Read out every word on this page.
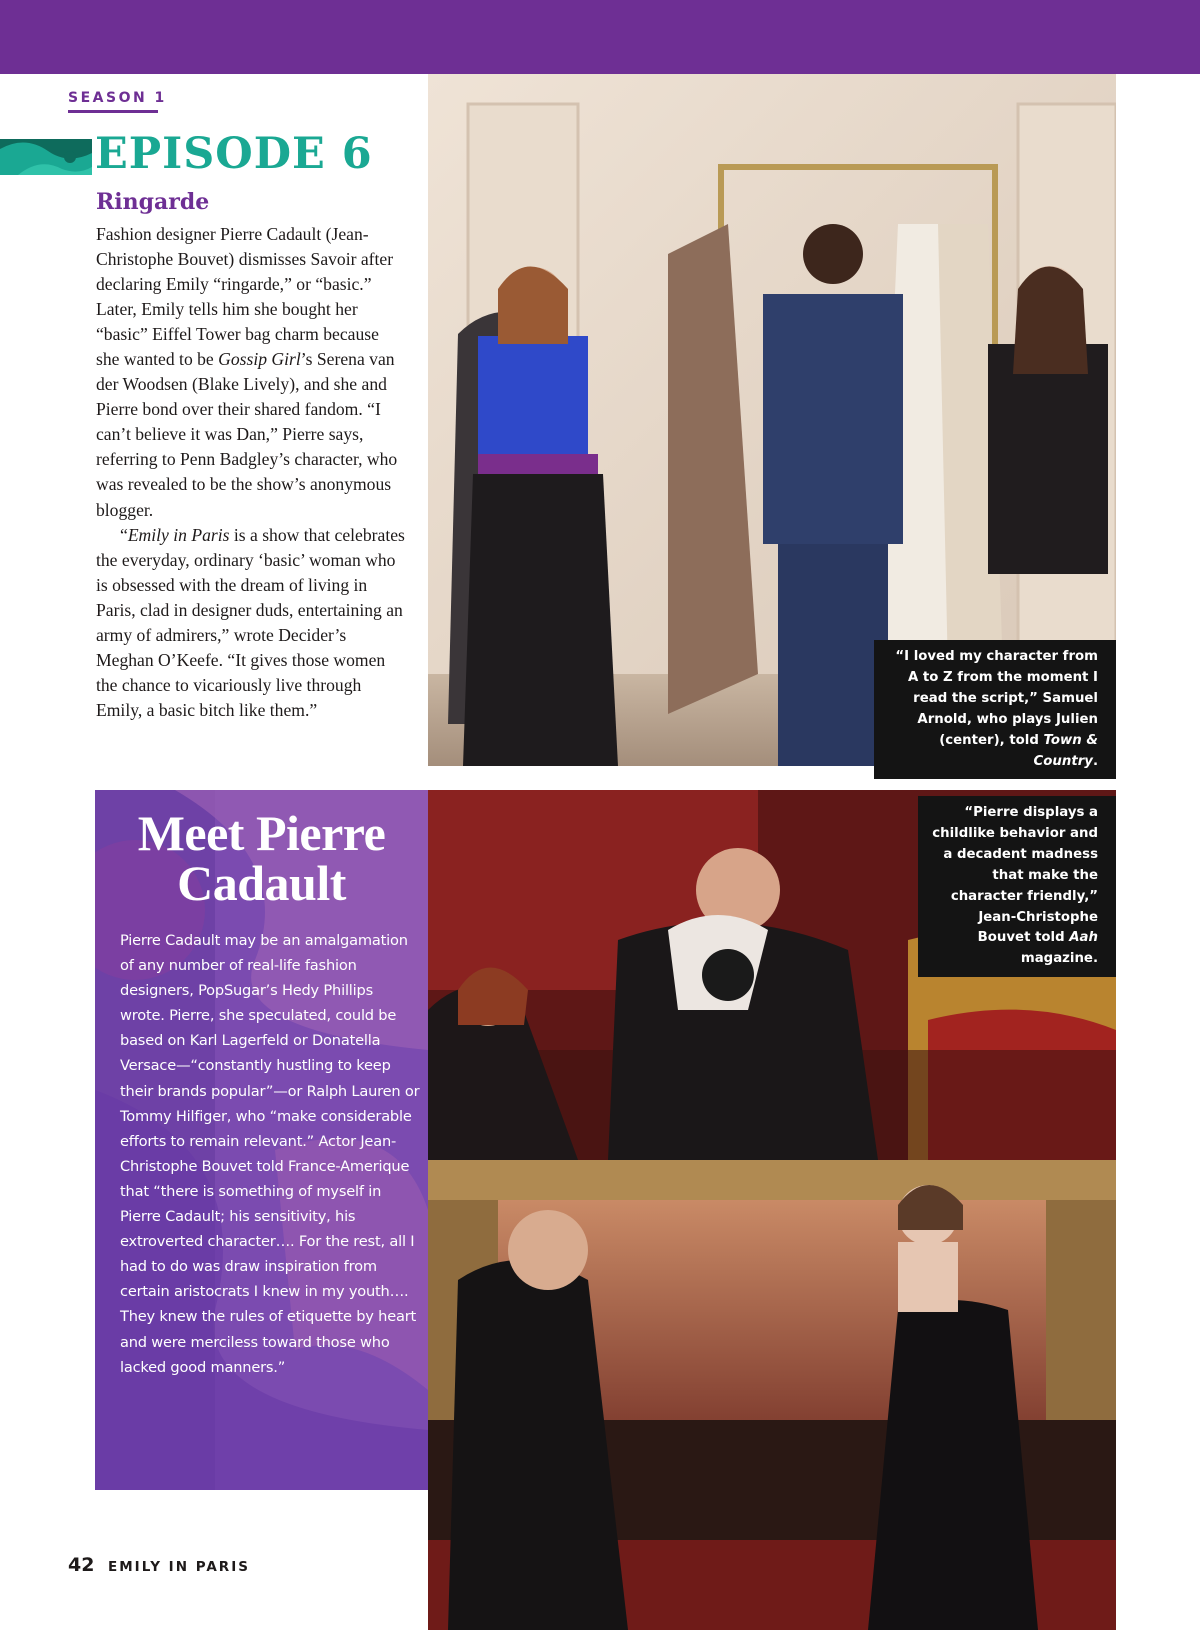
SEASON 1
EPISODE 6
Ringarde

Fashion designer Pierre Cadault (Jean-Christophe Bouvet) dismisses Savoir after declaring Emily “ringarde,” or “basic.” Later, Emily tells him she bought her “basic” Eiffel Tower bag charm because she wanted to be Gossip Girl’s Serena van der Woodsen (Blake Lively), and she and Pierre bond over their shared fandom. “I can’t believe it was Dan,” Pierre says, referring to Penn Badgley’s character, who was revealed to be the show’s anonymous blogger.

“Emily in Paris is a show that celebrates the everyday, ordinary ‘basic’ woman who is obsessed with the dream of living in Paris, clad in designer duds, entertaining an army of admirers,” wrote Decider’s Meghan O’Keefe. “It gives those women the chance to vicariously live through Emily, a basic bitch like them.”

“I loved my character from A to Z from the moment I read the script,” Samuel Arnold, who plays Julien (center), told Town & Country.
“Pierre displays a childlike behavior and a decadent madness that make the character friendly,” Jean-Christophe Bouvet told Aah magazine.
Meet Pierre
Cadault
Pierre Cadault may be an amalgamation of any number of real-life fashion designers, PopSugar’s Hedy Phillips wrote. Pierre, she speculated, could be based on Karl Lagerfeld or Donatella Versace—“constantly hustling to keep their brands popular”—or Ralph Lauren or Tommy Hilfiger, who “make considerable efforts to remain relevant.” Actor Jean-Christophe Bouvet told France-Amerique that “there is something of myself in Pierre Cadault; his sensitivity, his extroverted character…. For the rest, all I had to do was draw inspiration from certain aristocrats I knew in my youth…. They knew the rules of etiquette by heart and were merciless toward those who lacked good manners.”
42 EMILY IN PARIS
